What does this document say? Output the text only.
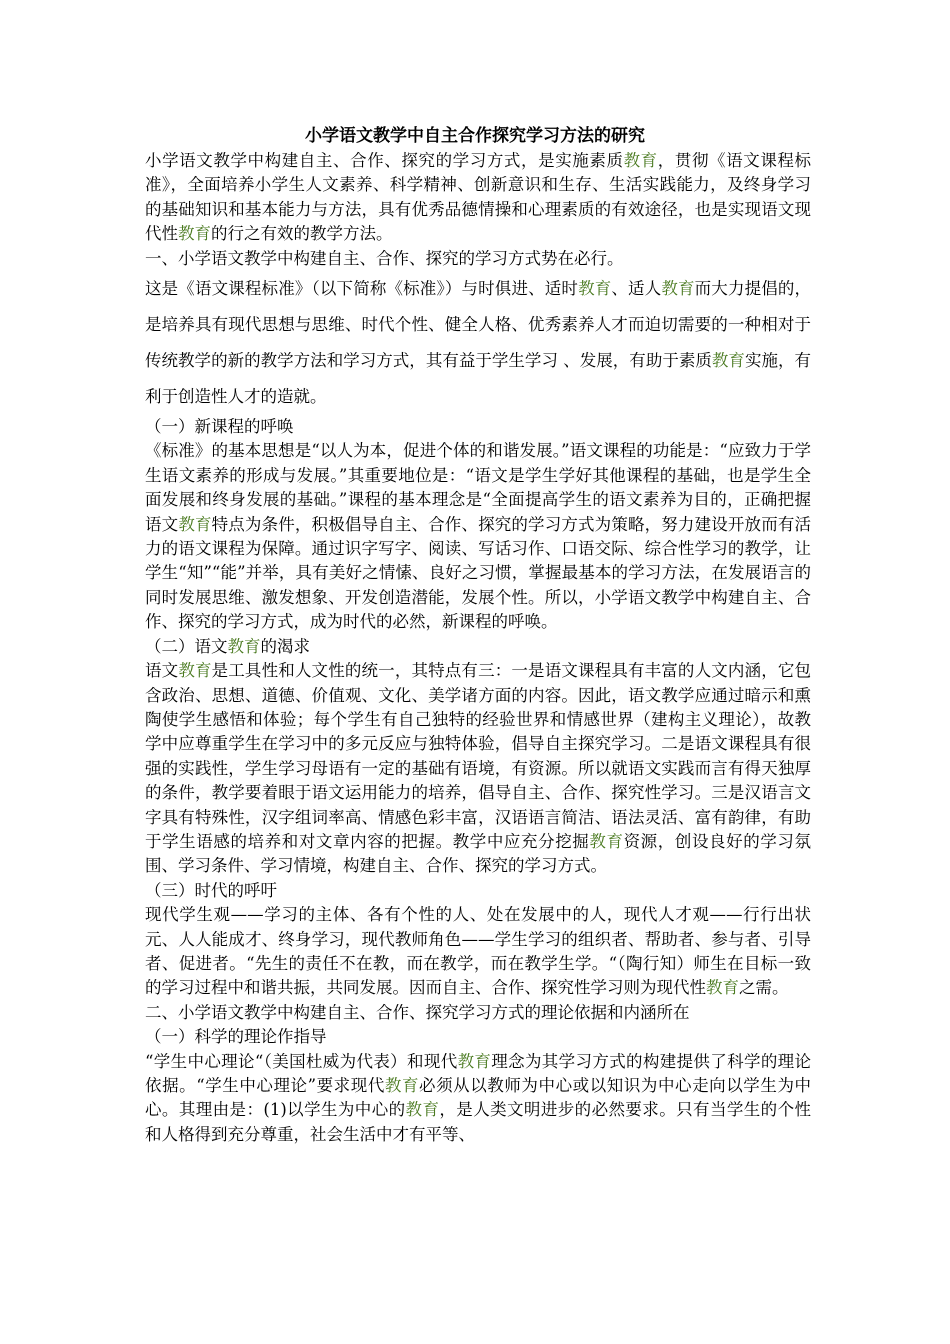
小学语文教学中自主合作探究学习方法的研究

小学语文教学中构建自主、合作、探究的学习方式，是实施素质教育，贯彻《语文课程标准》，全面培养小学生人文素养、科学精神、创新意识和生存、生活实践能力，及终身学习的基础知识和基本能力与方法，具有优秀品德情操和心理素质的有效途径，也是实现语文现代性教育的行之有效的教学方法。

一、小学语文教学中构建自主、合作、探究的学习方式势在必行。

这是《语文课程标准》（以下简称《标准》）与时俱进、适时教育、适人教育而大力提倡的，是培养具有现代思想与思维、时代个性、健全人格、优秀素养人才而迫切需要的一种相对于传统教学的新的教学方法和学习方式，其有益于学生学习 、发展，有助于素质教育实施，有利于创造性人才的造就。

（一）新课程的呼唤

《标准》的基本思想是“以人为本，促进个体的和谐发展。”语文课程的功能是：“应致力于学生语文素养的形成与发展。”其重要地位是：“语文是学生学好其他课程的基础，也是学生全面发展和终身发展的基础。”课程的基本理念是“全面提高学生的语文素养为目的，正确把握语文教育特点为条件，积极倡导自主、合作、探究的学习方式为策略，努力建设开放而有活力的语文课程为保障。通过识字写字、阅读、写话习作、口语交际、综合性学习的教学，让学生“知”“能”并举，具有美好之情愫、良好之习惯，掌握最基本的学习方法，在发展语言的同时发展思维、激发想象、开发创造潜能，发展个性。所以，小学语文教学中构建自主、合作、探究的学习方式，成为时代的必然，新课程的呼唤。

（二）语文教育的渴求

语文教育是工具性和人文性的统一，其特点有三：一是语文课程具有丰富的人文内涵，它包含政治、思想、道德、价值观、文化、美学诸方面的内容。因此，语文教学应通过暗示和熏陶使学生感悟和体验；每个学生有自己独特的经验世界和情感世界（建构主义理论），故教学中应尊重学生在学习中的多元反应与独特体验，倡导自主探究学习。二是语文课程具有很强的实践性，学生学习母语有一定的基础有语境，有资源。所以就语文实践而言有得天独厚的条件，教学要着眼于语文运用能力的培养，倡导自主、合作、探究性学习。三是汉语言文字具有特殊性，汉字组词率高、情感色彩丰富，汉语语言简洁、语法灵活、富有韵律，有助于学生语感的培养和对文章内容的把握。教学中应充分挖掘教育资源，创设良好的学习氛围、学习条件、学习情境，构建自主、合作、探究的学习方式。

（三）时代的呼吁

现代学生观——学习的主体、各有个性的人、处在发展中的人，现代人才观——行行出状元、人人能成才、终身学习，现代教师角色——学生学习的组织者、帮助者、参与者、引导者、促进者。“先生的责任不在教，而在教学，而在教学生学。“（陶行知）师生在目标一致的学习过程中和谐共振，共同发展。因而自主、合作、探究性学习则为现代性教育之需。

二、小学语文教学中构建自主、合作、探究学习方式的理论依据和内涵所在

（一）科学的理论作指导

“学生中心理论“（美国杜威为代表）和现代教育理念为其学习方式的构建提供了科学的理论依据。“学生中心理论”要求现代教育必须从以教师为中心或以知识为中心走向以学生为中心。其理由是：(1)以学生为中心的教育，是人类文明进步的必然要求。只有当学生的个性和人格得到充分尊重，社会生活中才有平等、
